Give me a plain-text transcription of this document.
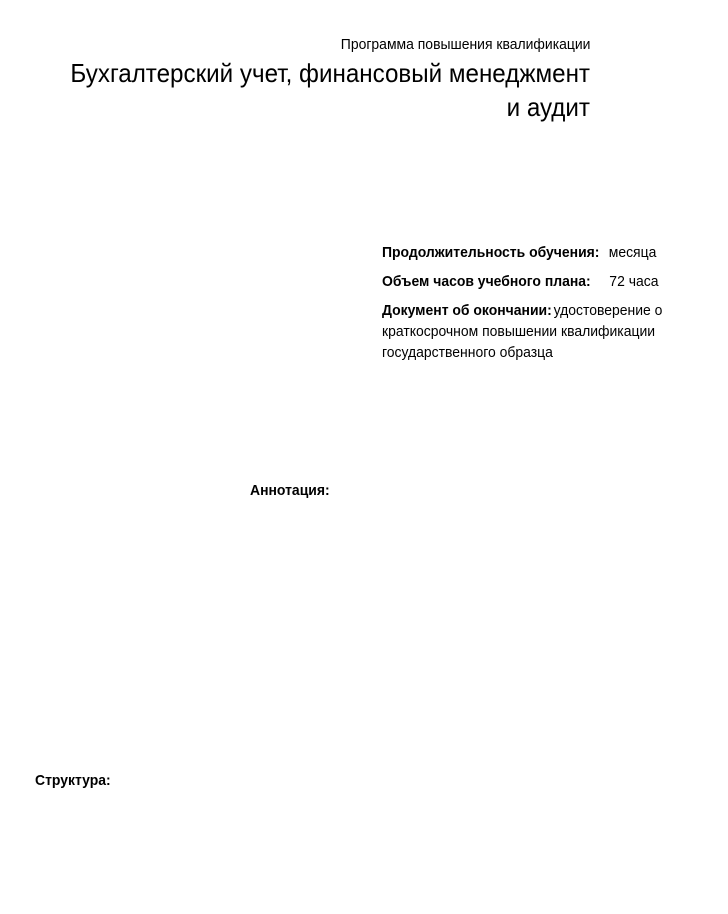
Программа повышения квалификации
Бухгалтерский учет, финансовый менеджмент и аудит

Продолжительность обучения: месяца

Объем часов учебного плана: 72 часа

Документ об окончании: удостоверение о краткосрочном повышении квалификации государственного образца

Аннотация:
Структура:
